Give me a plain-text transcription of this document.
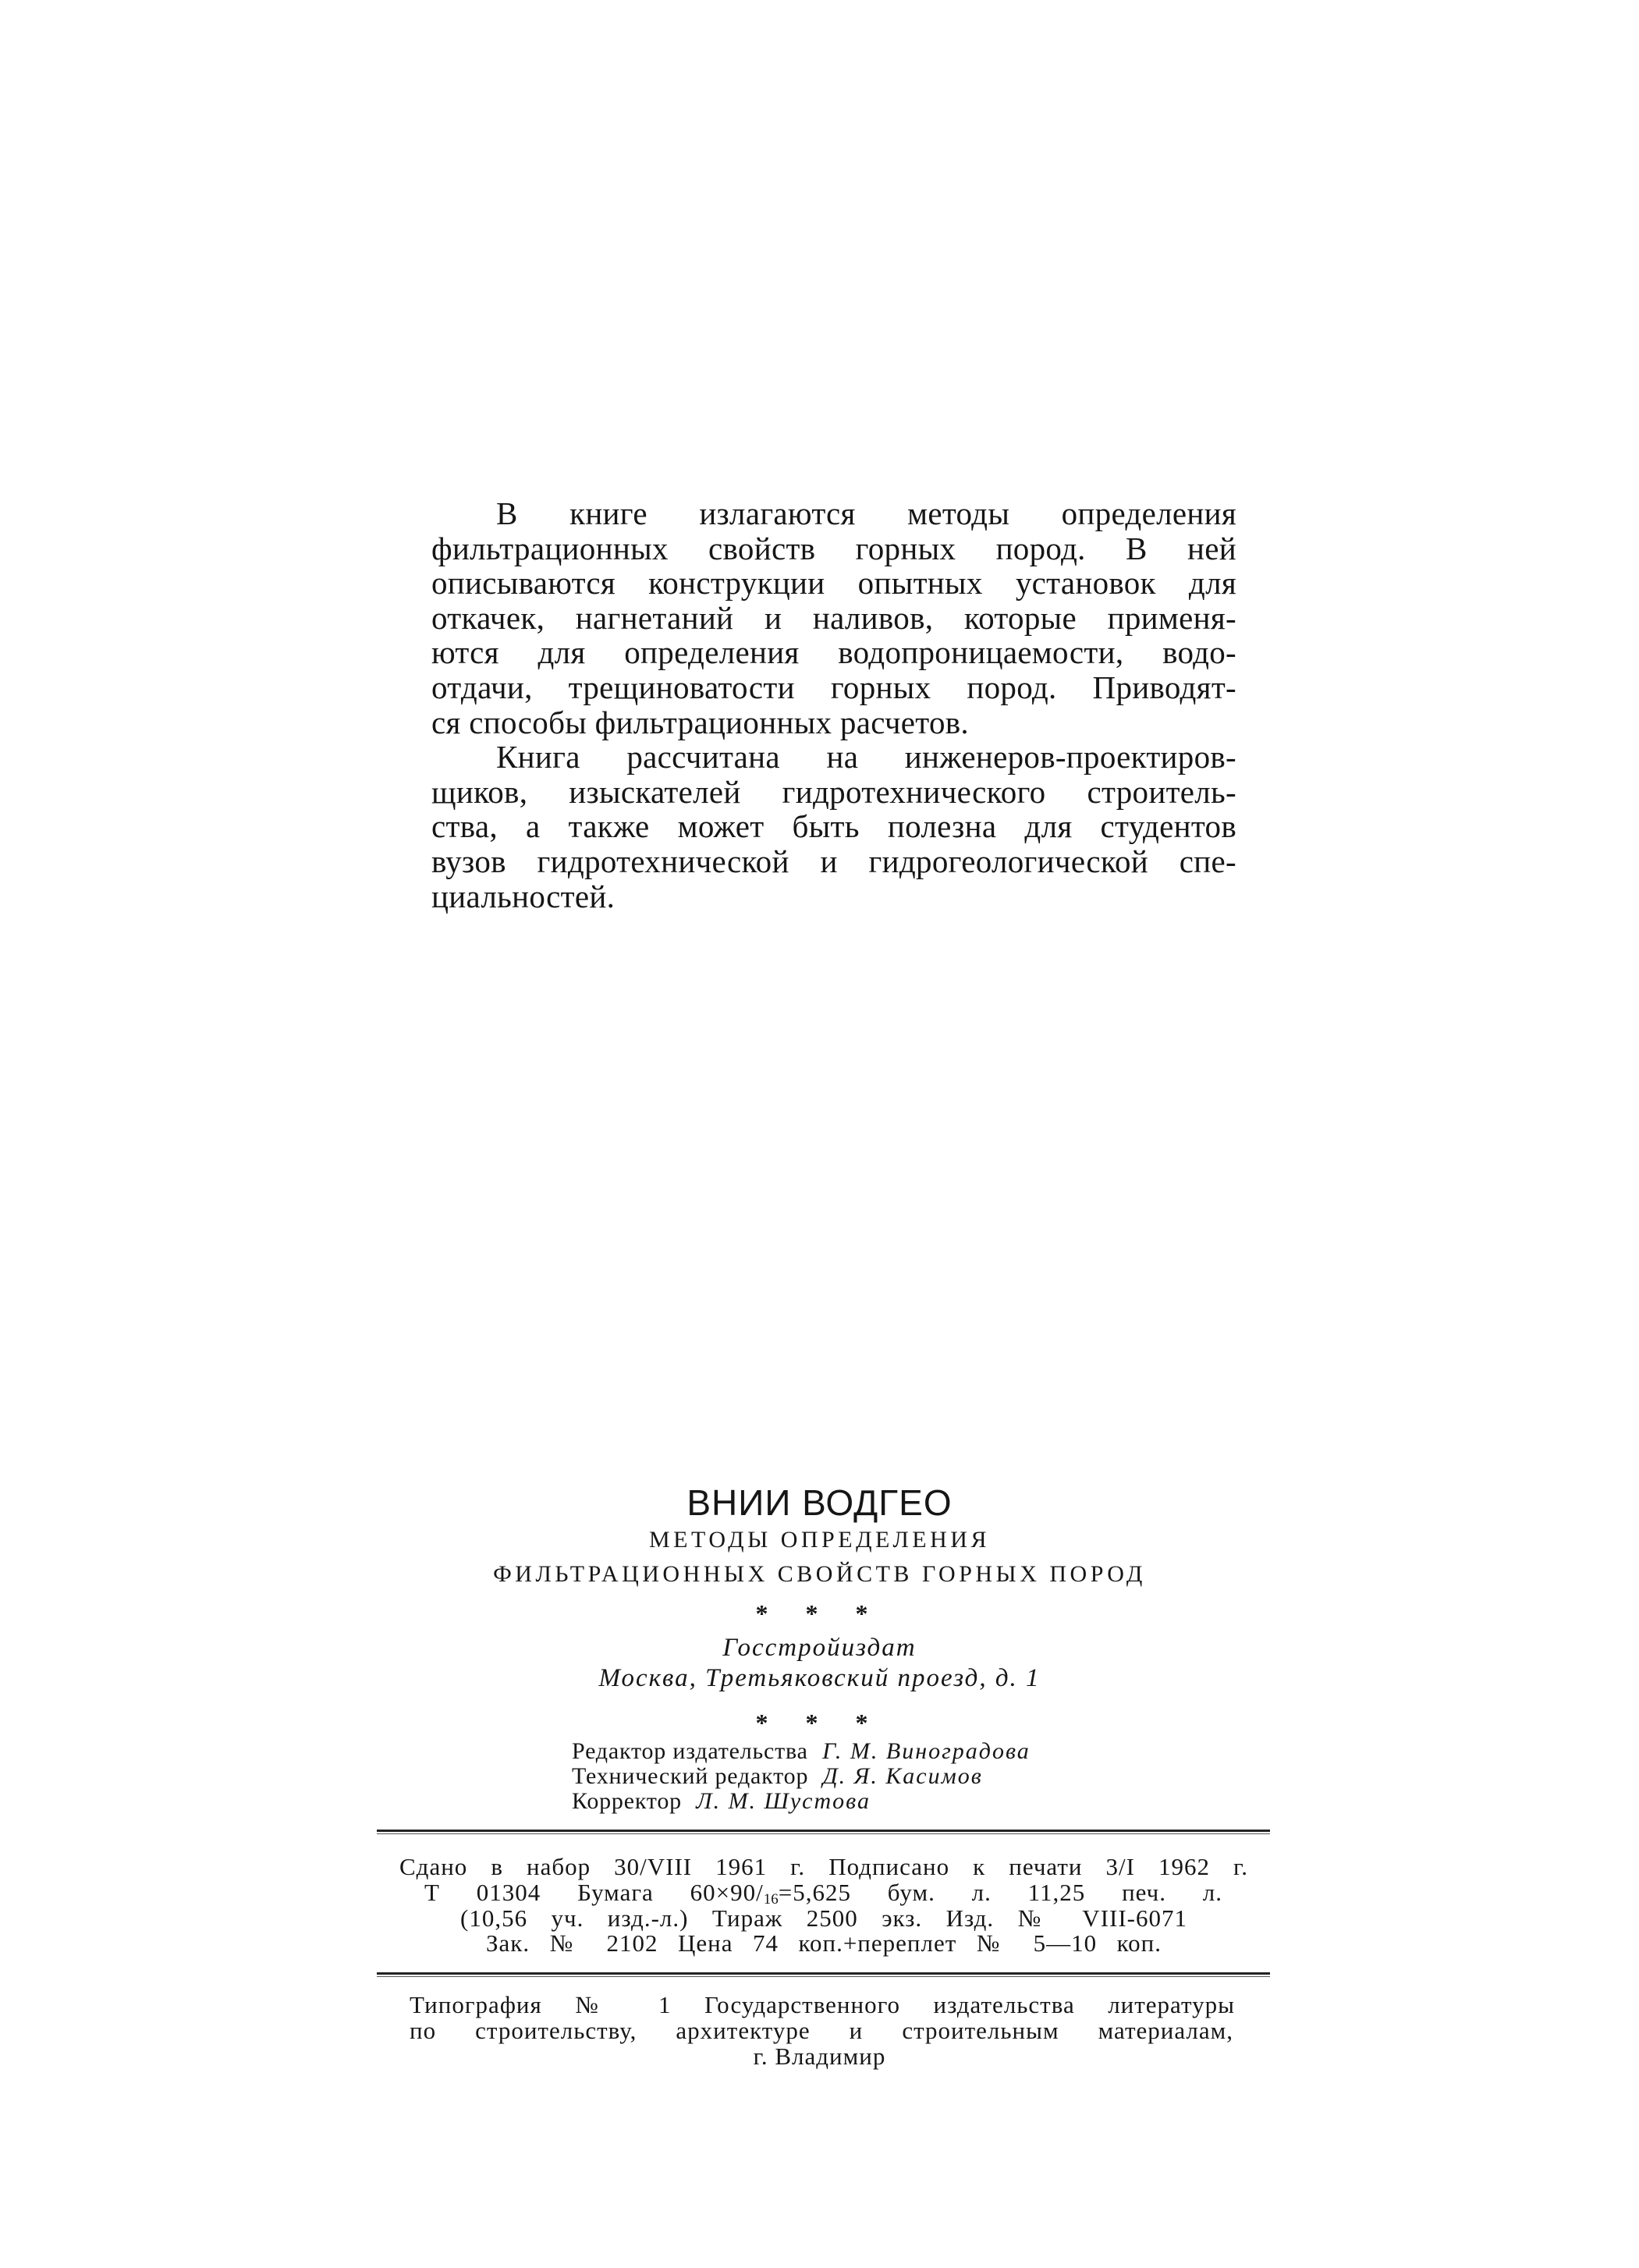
В книге излагаются методы определения
фильтрационных свойств горных пород. В ней
описываются конструкции опытных установок для
откачек, нагнетаний и наливов, которые применя-
ются для определения водопроницаемости, водо-
отдачи, трещиноватости горных пород. Приводят-
ся способы фильтрационных расчетов.
Книга рассчитана на инженеров-проектиров-
щиков, изыскателей гидротехнического строитель-
ства, а также может быть полезна для студентов
вузов гидротехнической и гидрогеологической спе-
циальностей.
ВНИИ ВОДГЕО
МЕТОДЫ ОПРЕДЕЛЕНИЯ
ФИЛЬТРАЦИОННЫХ СВОЙСТВ ГОРНЫХ ПОРОД
* * *
Госстройиздат
Москва, Третьяковский проезд, д. 1
* * *
Редактор издательства Г. М. Виноградова
Технический редактор Д. Я. Касимов
Корректор Л. М. Шустова
Сдано в набор 30/VIII 1961 г. Подписано к печати 3/I 1962 г.
Т 01304 Бумага $60\times 90/_{16}=5,625$ бум. л. 11,25 печ. л.
(10,56 уч. изд.-л.) Тираж 2500 экз. Изд. № VIII-6071
Зак. № 2102 Цена 74 коп.+переплет № 5—10 коп.
Типография № 1 Государственного издательства литературы
по строительству, архитектуре и строительным материалам,
г. Владимир
